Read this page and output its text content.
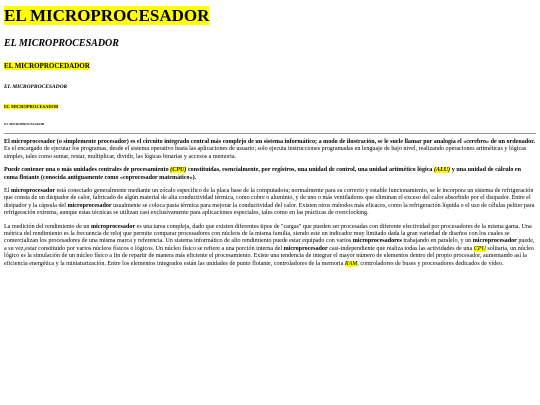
EL MICROPROCESADOR
EL MICROPROCESADOR
EL MICROPROCEDADOR
EL MICROPROCESADOR
EL MICROPROCESADOR
EL MICROPROCESADOR

El microprocesador (o simplemente procesador) es el circuito integrado central más complejo de un sistema informático; a modo de ilustración, se le suele llamar por analogía el «cerebro» de un ordenador.
Es el encargado de ejecutar los programas, desde el sistema operativo hasta las aplicaciones de usuario; solo ejecuta instrucciones programadas en lenguaje de bajo nivel, realizando operaciones aritméticas y lógicas simples, tales como sumar, restar, multiplicar, dividir, las lógicas binarias y accesos a memoria.

Puede contener una o más unidades centrales de procesamiento (CPU) constituidas, esencialmente, por registros, una unidad de control, una unidad aritmético lógica (ALU) y una unidad de cálculo en coma flotante (conocida antiguamente como «coprocesador matemático»).

El microprocesador está conectado generalmente mediante un zócalo específico de la placa base de la computadora; normalmente para su correcto y estable funcionamiento, se le incorpora un sistema de refrigeración que consta de un disipador de calor, fabricado de algún material de alta conductividad térmica, como cobre o aluminio, y de uno o más ventiladores que eliminan el exceso del calor absorbido por el disipador. Entre el disipador y la cápsula del microprocesador usualmente se coloca pasta térmica para mejorar la conductividad del calor. Existen otros métodos más eficaces, como la refrigeración líquida o el uso de células peltier para refrigeración extrema, aunque estas técnicas se utilizan casi exclusivamente para aplicaciones especiales, tales como en las prácticas de overclocking.

La medición del rendimiento de un microprocesador es una tarea compleja, dado que existen diferentes tipos de "cargas" que pueden ser procesadas con diferente efectividad por procesadores de la misma gama. Una métrica del rendimiento es la frecuencia de reloj que permite comparar procesadores con núcleos de la misma familia, siendo este un indicador muy limitado dada la gran variedad de diseños con los cuales se comercializan los procesadores de una misma marca y referencia. Un sistema informático de alto rendimiento puede estar equipado con varios microprocesadores trabajando en paralelo, y un microprocesador puede, a su vez,estar constituido por varios núcleos físicos o lógicos. Un núcleo físico se refiere a una porción interna del microprocesador casi-independiente que realiza todas las actividades de una CPU solitaria, un núcleo lógico es la simulación de un núcleo físico a fin de repartir de manera más eficiente el procesamiento. Existe una tendencia de integrar el mayor número de elementos dentro del propio procesador, aumentando así la eficiencia energética y la miniaturización. Entre los elementos integrados están las unidades de punto flotante, controladores de la memoria RAM, controladores de buses y procesadores dedicados de vídeo.
